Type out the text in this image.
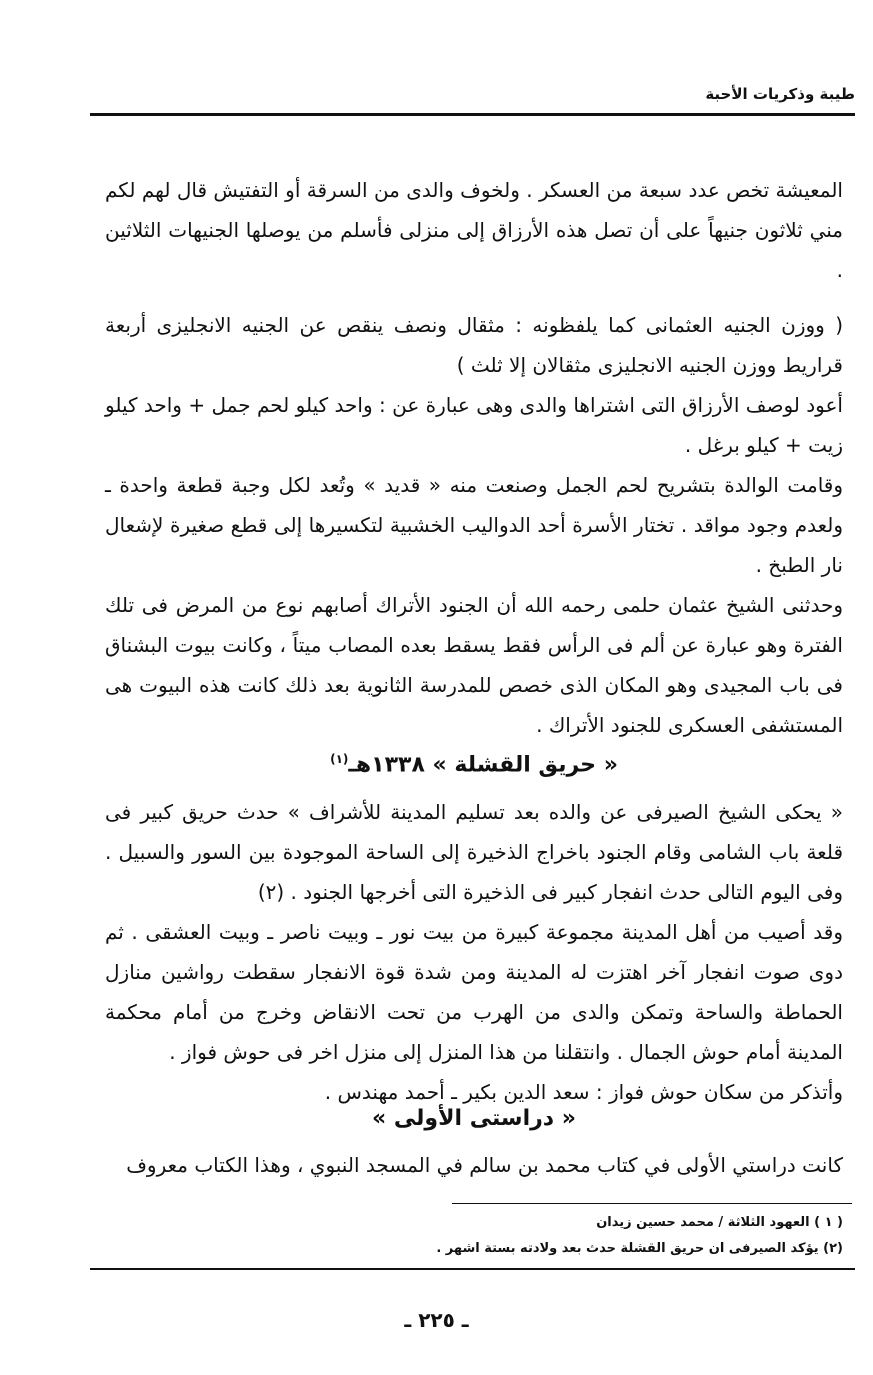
طيبة وذكريات الأحبة

المعيشة تخص عدد سبعة من العسكر . ولخوف والدى من السرقة أو التفتيش قال لهم لكم مني ثلاثون جنيهاً على أن تصل هذه الأرزاق إلى منزلى فأسلم من يوصلها الجنيهات الثلاثين .

( ووزن الجنيه العثمانى كما يلفظونه : مثقال ونصف ينقص عن الجنيه الانجليزى أربعة قراريط ووزن الجنيه الانجليزى مثقالان إلا ثلث )

أعود لوصف الأرزاق التى اشتراها والدى وهى عبارة عن : واحد كيلو لحم جمل + واحد كيلو زيت + كيلو برغل .

وقامت الوالدة بتشريح لحم الجمل وصنعت منه « قديد » وتُعد لكل وجبة قطعة واحدة ـ ولعدم وجود مواقد . تختار الأسرة أحد الدواليب الخشبية لتكسيرها إلى قطع صغيرة لإشعال نار الطبخ .

وحدثنى الشيخ عثمان حلمى رحمه الله أن الجنود الأتراك أصابهم نوع من المرض فى تلك الفترة وهو عبارة عن ألم فى الرأس فقط يسقط بعده المصاب ميتاً ، وكانت بيوت البشناق فى باب المجيدى وهو المكان الذى خصص للمدرسة الثانوية بعد ذلك كانت هذه البيوت هى المستشفى العسكرى للجنود الأتراك .

« حريق القشلة » ١٣٣٨هـ$^{(١)}$

« يحكى الشيخ الصيرفى عن والده بعد تسليم المدينة للأشراف » حدث حريق كبير فى قلعة باب الشامى وقام الجنود باخراج الذخيرة إلى الساحة الموجودة بين السور والسبيل . وفى اليوم التالى حدث انفجار كبير فى الذخيرة التى أخرجها الجنود . (٢)

وقد أصيب من أهل المدينة مجموعة كبيرة من بيت نور ـ وبيت ناصر ـ وبيت العشقى . ثم دوى صوت انفجار آخر اهتزت له المدينة ومن شدة قوة الانفجار سقطت رواشين منازل الحماطة والساحة وتمكن والدى من الهرب من تحت الانقاض وخرج من أمام محكمة المدينة أمام حوش الجمال . وانتقلنا من هذا المنزل إلى منزل اخر فى حوش فواز .

وأتذكر من سكان حوش فواز : سعد الدين بكير ـ أحمد مهندس .

« دراستى الأولى »

كانت دراستي الأولى في كتاب محمد بن سالم في المسجد النبوي ، وهذا الكتاب معروف

( ١ ) العهود الثلاثة / محمد حسين زيدان
(٢) يؤكد الصيرفى ان حريق القشلة حدث بعد ولادته بستة اشهر .
ـ ٢٢٥ ـ
